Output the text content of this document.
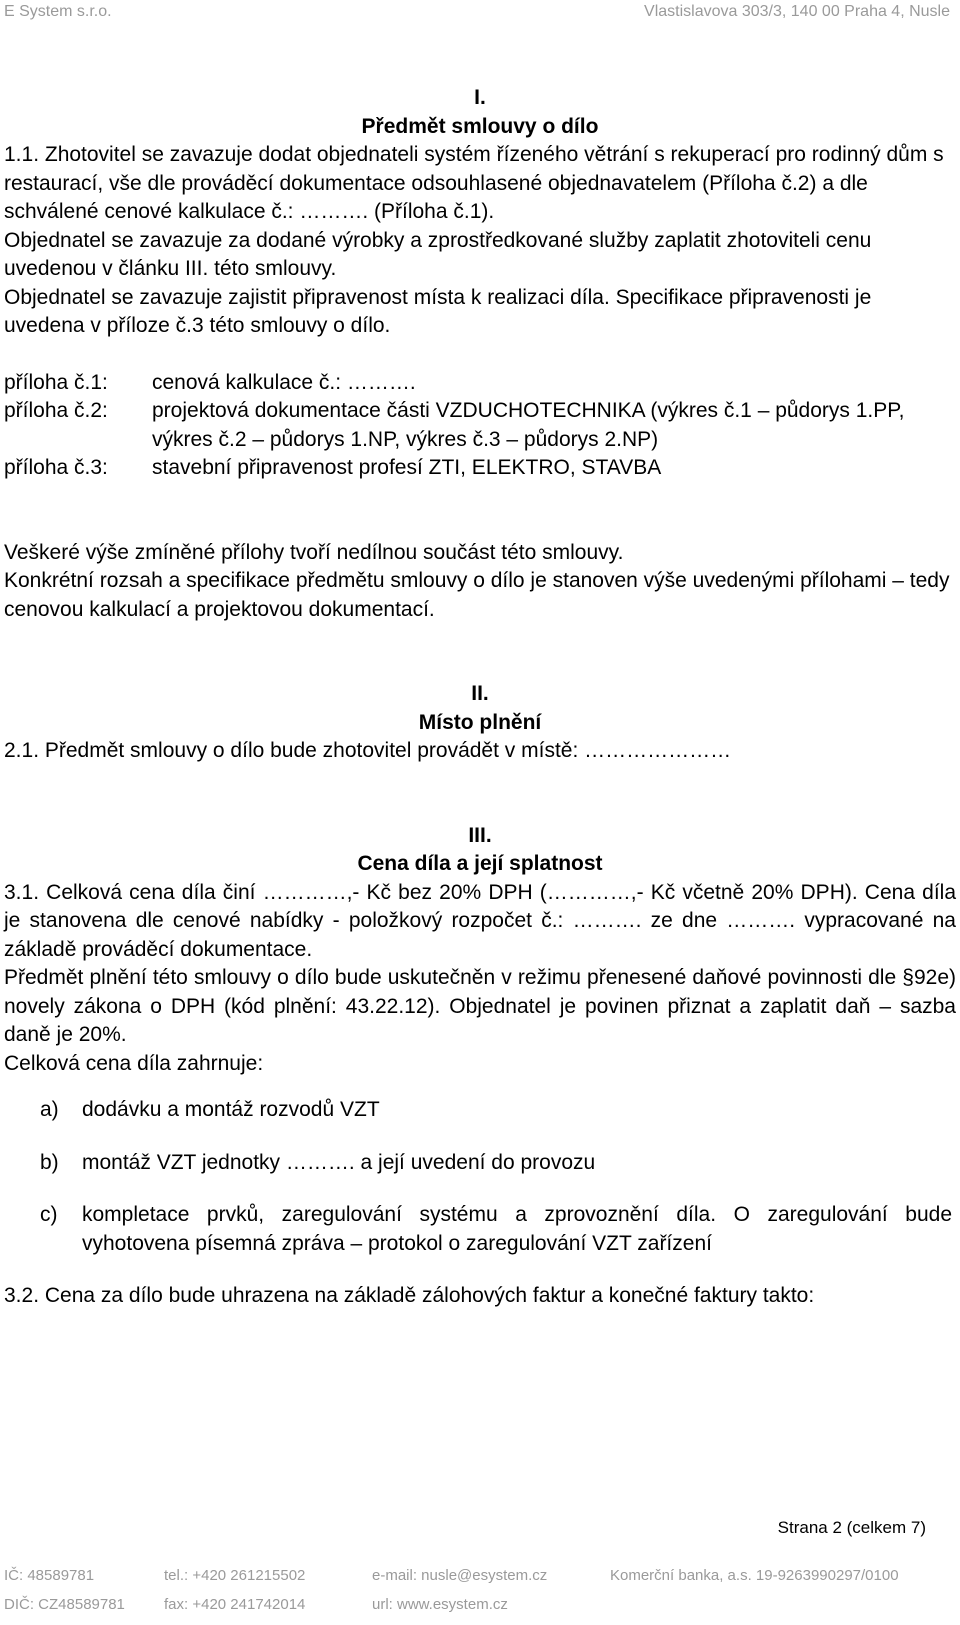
E System s.r.o.	Vlastislavova 303/3, 140 00 Praha 4, Nusle
I.
Předmět smlouvy o dílo

1.1. Zhotovitel se zavazuje dodat objednateli systém řízeného větrání s rekuperací pro rodinný dům s restaurací, vše dle prováděcí dokumentace odsouhlasené objednavatelem (Příloha č.2) a dle schválené cenové kalkulace č.: ………. (Příloha č.1).

Objednatel se zavazuje za dodané výrobky a zprostředkované služby zaplatit zhotoviteli cenu uvedenou v článku III. této smlouvy.

Objednatel se zavazuje zajistit připravenost místa k realizaci díla. Specifikace připravenosti je uvedena v příloze č.3 této smlouvy o dílo.

příloha č.1:	cenová kalkulace č.: ……….
příloha č.2:	projektová dokumentace části VZDUCHOTECHNIKA (výkres č.1 – půdorys 1.PP, výkres č.2 – půdorys 1.NP, výkres č.3 – půdorys 2.NP)
příloha č.3:	stavební připravenost profesí ZTI, ELEKTRO, STAVBA

Veškeré výše zmíněné přílohy tvoří nedílnou součást této smlouvy.

Konkrétní rozsah a specifikace předmětu smlouvy o dílo je stanoven výše uvedenými přílohami – tedy cenovou kalkulací a projektovou dokumentací.

II.
Místo plnění

2.1. Předmět smlouvy o dílo bude zhotovitel provádět v místě: …………………

III.
Cena díla a její splatnost

3.1. Celková cena díla činí …………,- Kč bez 20% DPH (…………,- Kč včetně 20% DPH). Cena díla je stanovena dle cenové nabídky - položkový rozpočet č.: ………. ze dne ………. vypracované na základě prováděcí dokumentace.

Předmět plnění této smlouvy o dílo bude uskutečněn v režimu přenesené daňové povinnosti dle §92e) novely zákona o DPH (kód plnění: 43.22.12). Objednatel je povinen přiznat a zaplatit daň – sazba daně je 20%.

Celková cena díla zahrnuje:

a)	dodávku a montáž rozvodů VZT
b)	montáž VZT jednotky ………. a její uvedení do provozu
c)	kompletace prvků, zaregulování systému a zprovoznění díla. O zaregulování bude vyhotovena písemná zpráva – protokol o zaregulování VZT zařízení

3.2. Cena za dílo bude uhrazena na základě zálohových faktur a konečné faktury takto:

Strana 2 (celkem 7)
IČ: 48589781	tel.: +420 261215502	e-mail: nusle@esystem.cz	Komerční banka, a.s. 19-9263990297/0100
DIČ: CZ48589781	fax: +420 241742014	url: www.esystem.cz
